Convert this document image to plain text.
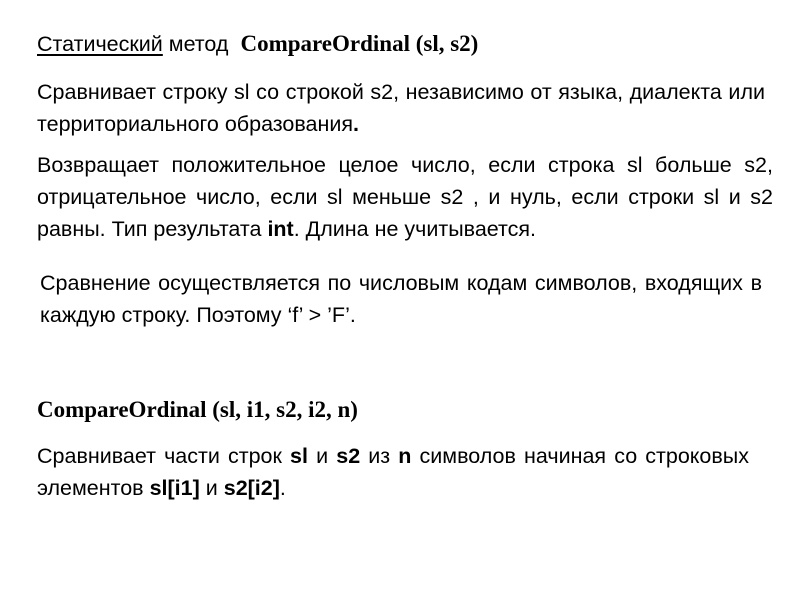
Статический метод CompareOrdinal (sl, s2)

Сравнивает строку sl со строкой s2, независимо от языка, диалекта или территориального образования.

Возвращает положительное целое число, если строка sl больше s2, отрицательное число, если sl меньше s2 , и нуль, если строки sl и s2 равны. Тип результата int. Длина не учитывается.

Сравнение осуществляется по числовым кодам символов, входящих в каждую строку. Поэтому ‘f’ > ’F’.

CompareOrdinal (sl, i1, s2, i2, n)

Сравнивает части строк sl и s2 из n символов начиная со строковых элементов sl[i1] и s2[i2].
